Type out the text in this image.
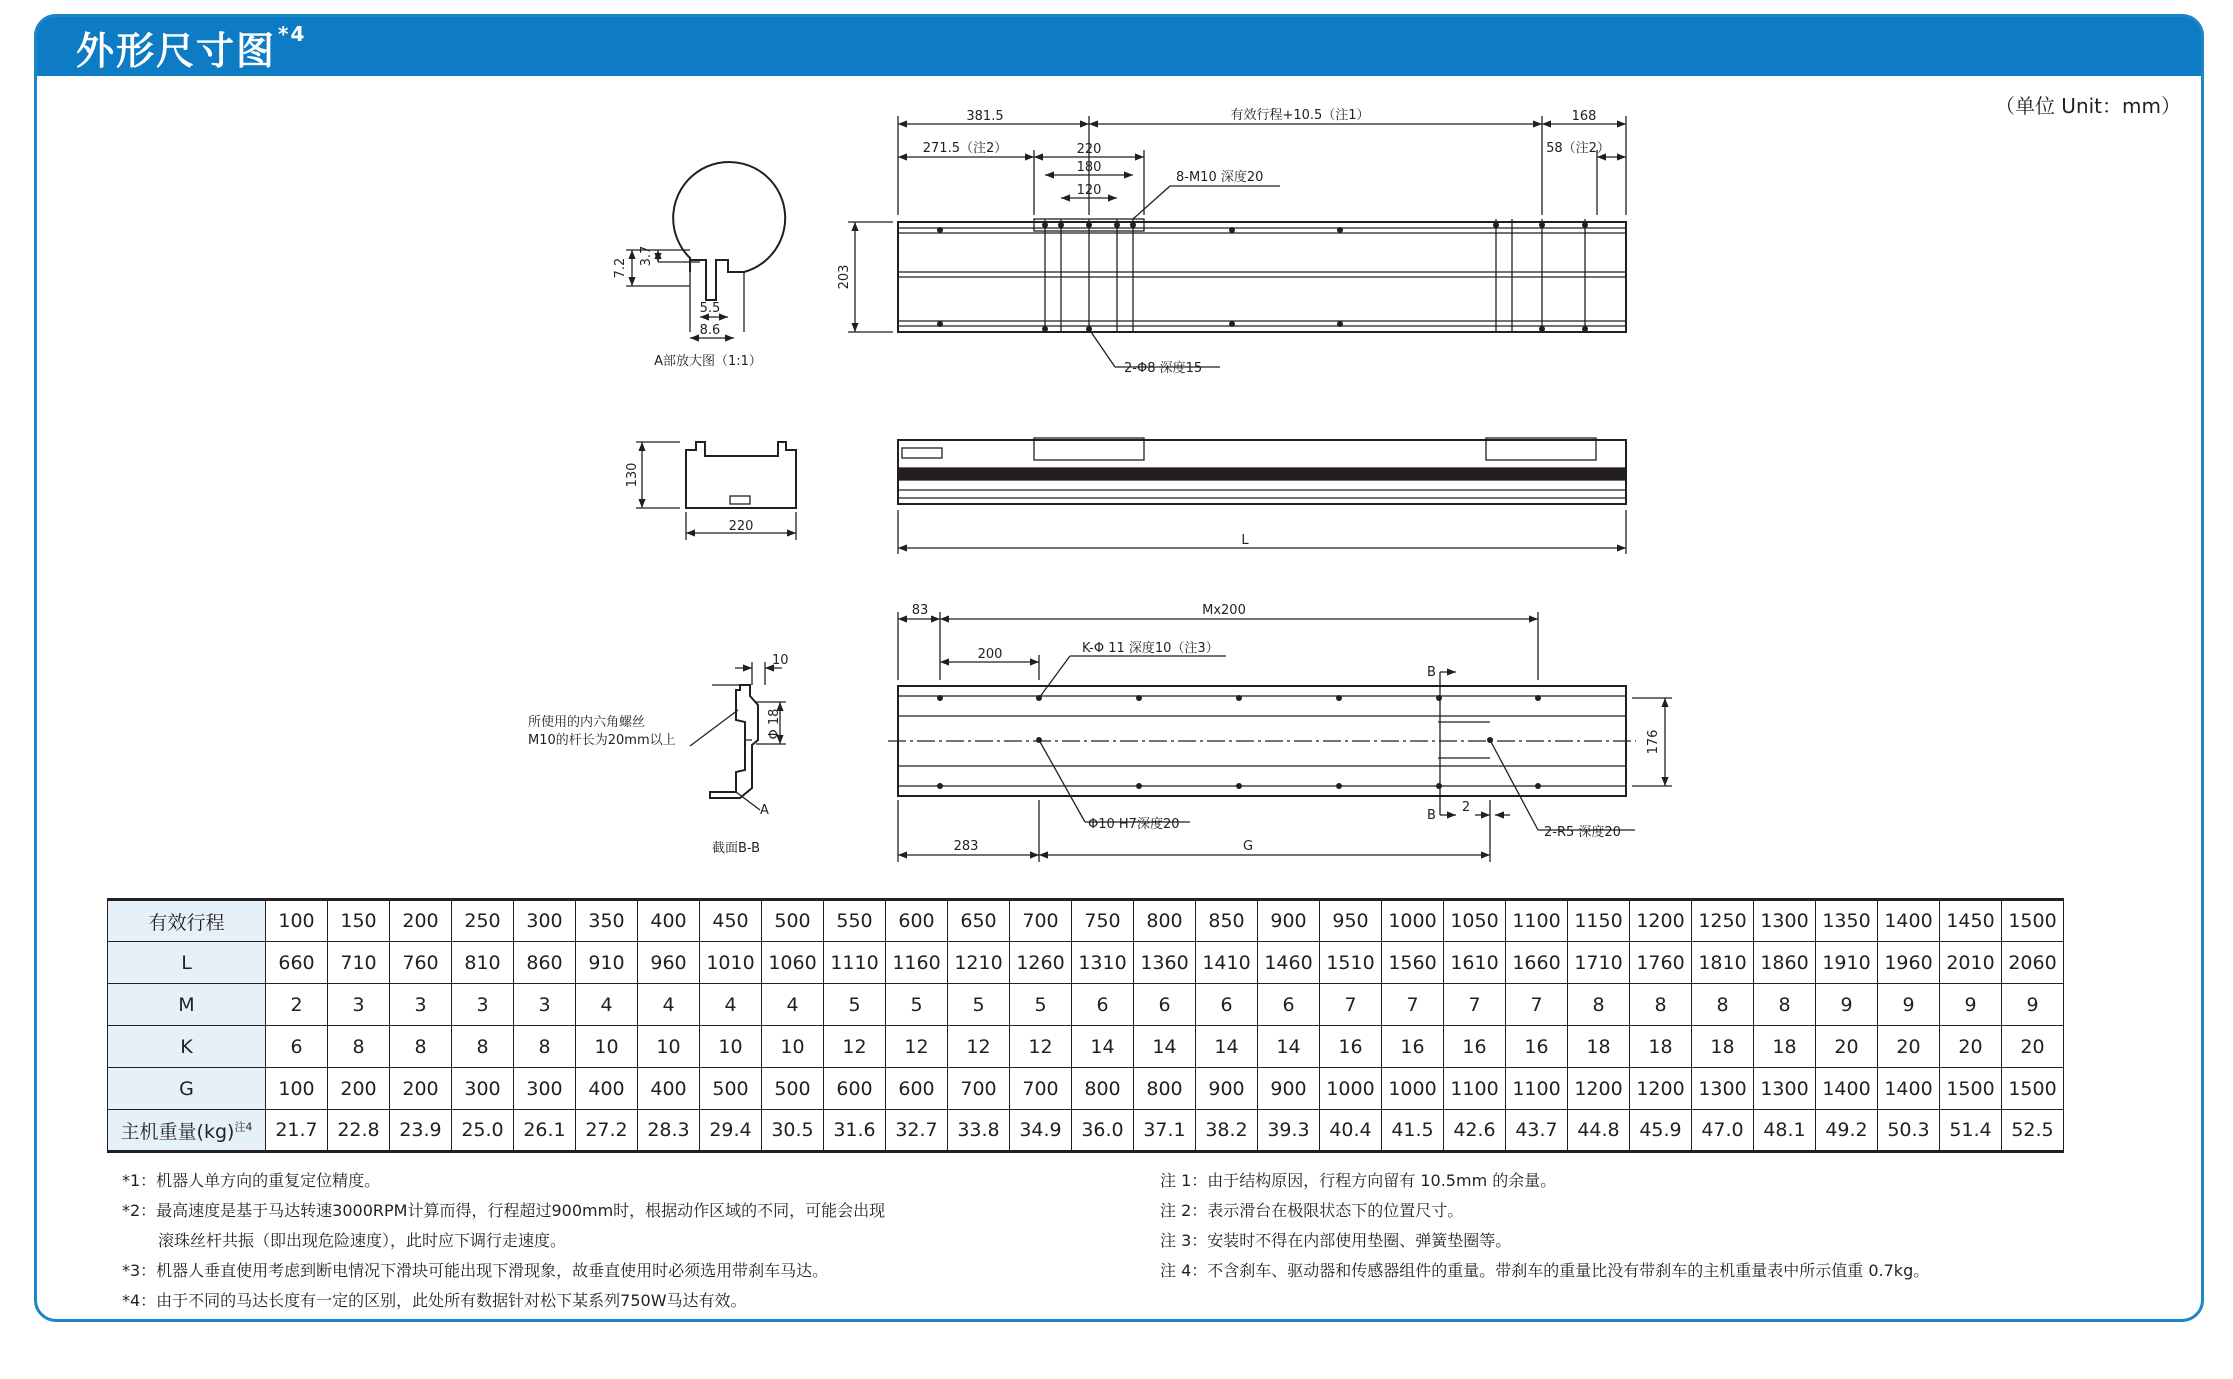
外形尺寸图 $^{*4}$
（单位 Unit：mm）
381.5	有效行程+10.5（注1）	168
271.5（注2）	220
180
120
58（注2）
8-M10 深度20
203
2-Φ8 深度15
7.2
3.7
5.5
8.6
A部放大图（1:1）
130
220
L
83	Mx200
200	K-Φ 11 深度10（注3）
B
B
2
176
Φ10 H7深度20
2-R5 深度20
283	G
10
Φ 18
所使用的内六角螺丝
M10的杆长为20mm以上
A
截面B-B
有效行程	100	150	200	250	300	350	400	450	500	550	600	650	700	750	800	850	900	950	1000	1050	1100	1150	1200	1250	1300	1350	1400	1450	1500
L	660	710	760	810	860	910	960	1010	1060	1110	1160	1210	1260	1310	1360	1410	1460	1510	1560	1610	1660	1710	1760	1810	1860	1910	1960	2010	2060
M	2	3	3	3	3	4	4	4	4	5	5	5	5	6	6	6	6	7	7	7	7	8	8	8	8	9	9	9	9
K	6	8	8	8	8	10	10	10	10	12	12	12	12	14	14	14	14	16	16	16	16	18	18	18	18	20	20	20	20
G	100	200	200	300	300	400	400	500	500	600	600	700	700	800	800	900	900	1000	1000	1100	1100	1200	1200	1300	1300	1400	1400	1500	1500
主机重量(kg)$^{注4}$	21.7	22.8	23.9	25.0	26.1	27.2	28.3	29.4	30.5	31.6	32.7	33.8	34.9	36.0	37.1	38.2	39.3	40.4	41.5	42.6	43.7	44.8	45.9	47.0	48.1	49.2	50.3	51.4	52.5
*1：机器人单方向的重复定位精度。
*2：最高速度是基于马达转速3000RPM计算而得，行程超过900mm时，根据动作区域的不同，可能会出现
滚珠丝杆共振（即出现危险速度），此时应下调行走速度。
*3：机器人垂直使用考虑到断电情况下滑块可能出现下滑现象，故垂直使用时必须选用带刹车马达。
*4：由于不同的马达长度有一定的区别，此处所有数据针对松下某系列750W马达有效。
注 1：由于结构原因，行程方向留有 10.5mm 的余量。
注 2：表示滑台在极限状态下的位置尺寸。
注 3：安装时不得在内部使用垫圈、弹簧垫圈等。
注 4：不含刹车、驱动器和传感器组件的重量。带刹车的重量比没有带刹车的主机重量表中所示值重 0.7kg。
